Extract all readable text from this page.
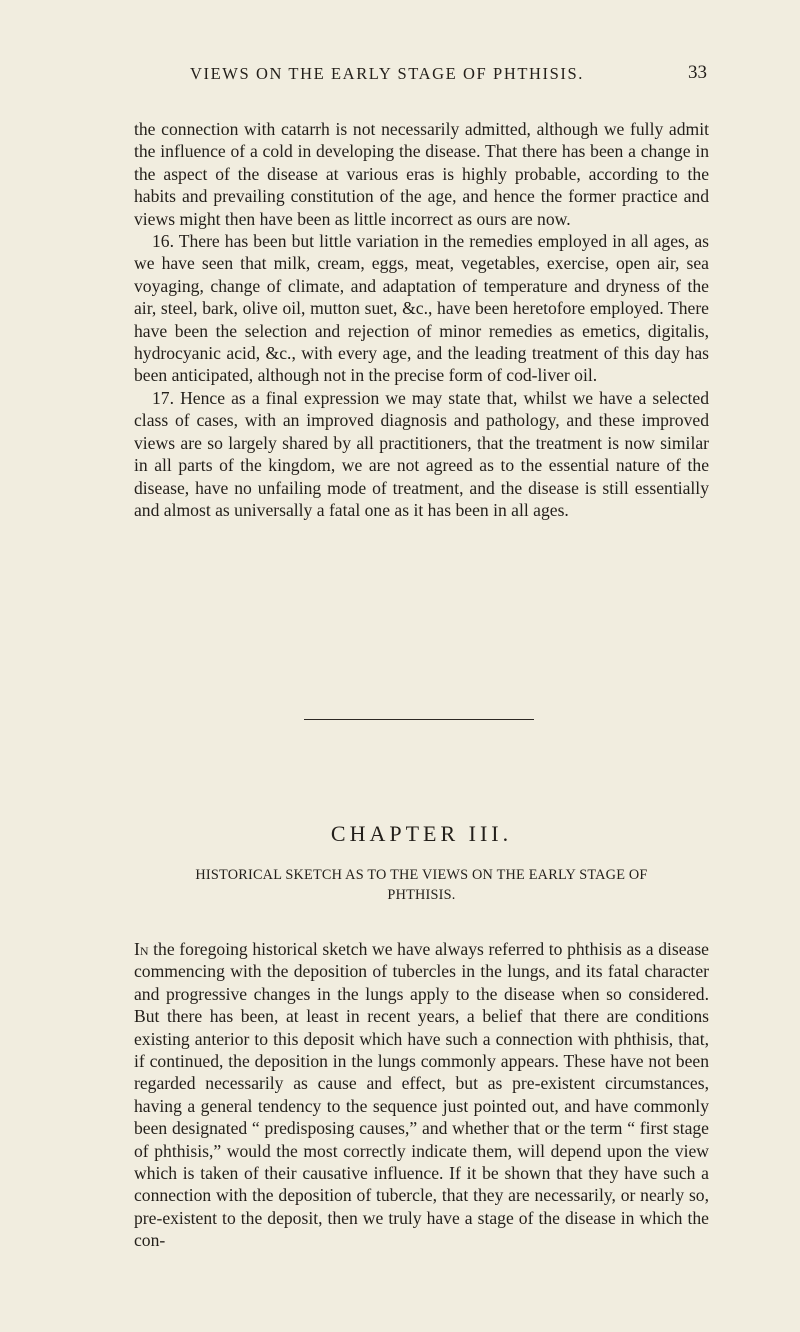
VIEWS ON THE EARLY STAGE OF PHTHISIS.	33

the connection with catarrh is not necessarily admitted, although we fully admit the influence of a cold in developing the disease. That there has been a change in the aspect of the disease at various eras is highly probable, according to the habits and prevailing constitution of the age, and hence the former practice and views might then have been as little incorrect as ours are now.

16. There has been but little variation in the remedies employed in all ages, as we have seen that milk, cream, eggs, meat, vegetables, exercise, open air, sea voyaging, change of climate, and adaptation of temperature and dryness of the air, steel, bark, olive oil, mutton suet, &c., have been heretofore employed. There have been the selection and rejection of minor remedies as emetics, digitalis, hydrocyanic acid, &c., with every age, and the leading treatment of this day has been anticipated, although not in the precise form of cod-liver oil.

17. Hence as a final expression we may state that, whilst we have a selected class of cases, with an improved diagnosis and pathology, and these improved views are so largely shared by all practitioners, that the treatment is now similar in all parts of the kingdom, we are not agreed as to the essential nature of the disease, have no unfailing mode of treatment, and the disease is still essentially and almost as universally a fatal one as it has been in all ages.

CHAPTER III.
HISTORICAL SKETCH AS TO THE VIEWS ON THE EARLY STAGE OF
PHTHISIS.

In the foregoing historical sketch we have always referred to phthisis as a disease commencing with the deposition of tubercles in the lungs, and its fatal character and progressive changes in the lungs apply to the disease when so considered. But there has been, at least in recent years, a belief that there are conditions existing anterior to this deposit which have such a connection with phthisis, that, if continued, the deposition in the lungs commonly appears. These have not been regarded necessarily as cause and effect, but as pre-existent circumstances, having a general tendency to the sequence just pointed out, and have commonly been designated “ predisposing causes,” and whether that or the term “ first stage of phthisis,” would the most correctly indicate them, will depend upon the view which is taken of their causative influence. If it be shown that they have such a connection with the deposition of tubercle, that they are necessarily, or nearly so, pre-existent to the deposit, then we truly have a stage of the disease in which the con-
